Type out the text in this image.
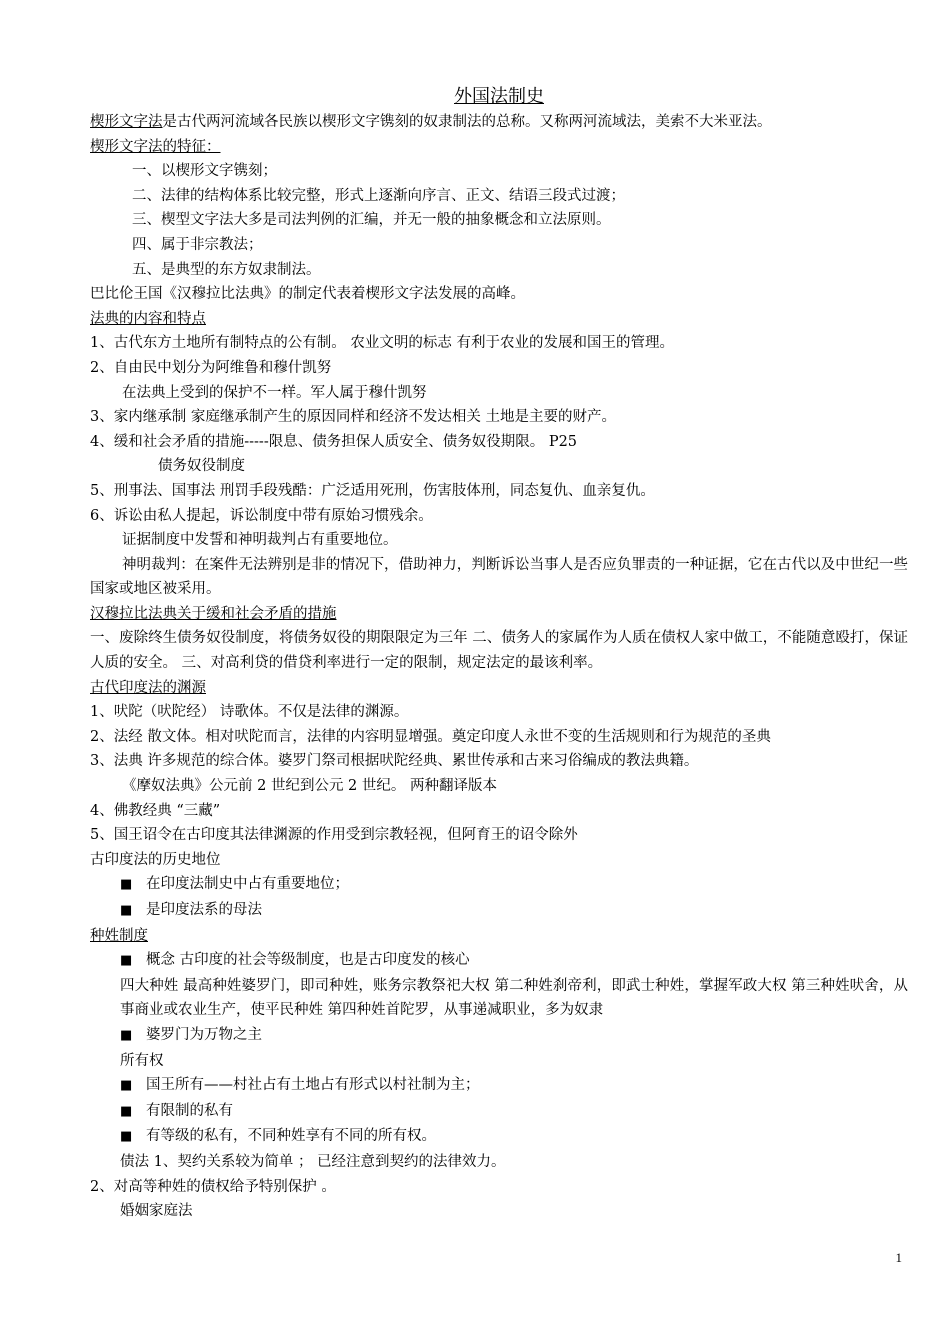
外国法制史
楔形文字法是古代两河流域各民族以楔形文字镌刻的奴隶制法的总称。又称两河流域法，美索不大米亚法。
楔形文字法的特征：
一、以楔形文字镌刻；
二、法律的结构体系比较完整，形式上逐渐向序言、正文、结语三段式过渡；
三、楔型文字法大多是司法判例的汇编，并无一般的抽象概念和立法原则。
四、属于非宗教法；
五、是典型的东方奴隶制法。
巴比伦王国《汉穆拉比法典》的制定代表着楔形文字法发展的高峰。
法典的内容和特点
1、古代东方土地所有制特点的公有制。 农业文明的标志 有利于农业的发展和国王的管理。
2、自由民中划分为阿维鲁和穆什凯努
在法典上受到的保护不一样。军人属于穆什凯努
3、家内继承制 家庭继承制产生的原因同样和经济不发达相关 土地是主要的财产。
4、缓和社会矛盾的措施-----限息、债务担保人质安全、债务奴役期限。 P25
债务奴役制度
5、刑事法、国事法 刑罚手段残酷：广泛适用死刑，伤害肢体刑，同态复仇、血亲复仇。
6、诉讼由私人提起，诉讼制度中带有原始习惯残余。
证据制度中发誓和神明裁判占有重要地位。
神明裁判：在案件无法辨别是非的情况下，借助神力，判断诉讼当事人是否应负罪责的一种证据，它在古代以及中世纪一些国家或地区被采用。
汉穆拉比法典关于缓和社会矛盾的措施
一、废除终生债务奴役制度，将债务奴役的期限限定为三年 二、债务人的家属作为人质在债权人家中做工，不能随意殴打，保证人质的安全。 三、对高利贷的借贷利率进行一定的限制，规定法定的最该利率。
古代印度法的渊源
1、吠陀（吠陀经） 诗歌体。不仅是法律的渊源。
2、法经 散文体。相对吠陀而言，法律的内容明显增强。奠定印度人永世不变的生活规则和行为规范的圣典
3、法典 许多规范的综合体。婆罗门祭司根据吠陀经典、累世传承和古来习俗编成的教法典籍。
《摩奴法典》公元前 2 世纪到公元 2 世纪。 两种翻译版本
4、佛教经典 “三藏”
5、国王诏令在古印度其法律渊源的作用受到宗教轻视，但阿育王的诏令除外
古印度法的历史地位
■ 在印度法制史中占有重要地位；
■ 是印度法系的母法
种姓制度
■ 概念 古印度的社会等级制度，也是古印度发的核心
四大种姓 最高种姓婆罗门，即司种姓，账务宗教祭祀大权 第二种姓刹帝利，即武士种姓，掌握军政大权 第三种姓吠舍，从事商业或农业生产，使平民种姓 第四种姓首陀罗，从事递减职业，多为奴隶
■ 婆罗门为万物之主
所有权
■ 国王所有——村社占有土地占有形式以村社制为主；
■ 有限制的私有
■ 有等级的私有，不同种姓享有不同的所有权。
债法 1、契约关系较为简单 ； 已经注意到契约的法律效力。
2、对高等种姓的债权给予特别保护 。
婚姻家庭法
1
